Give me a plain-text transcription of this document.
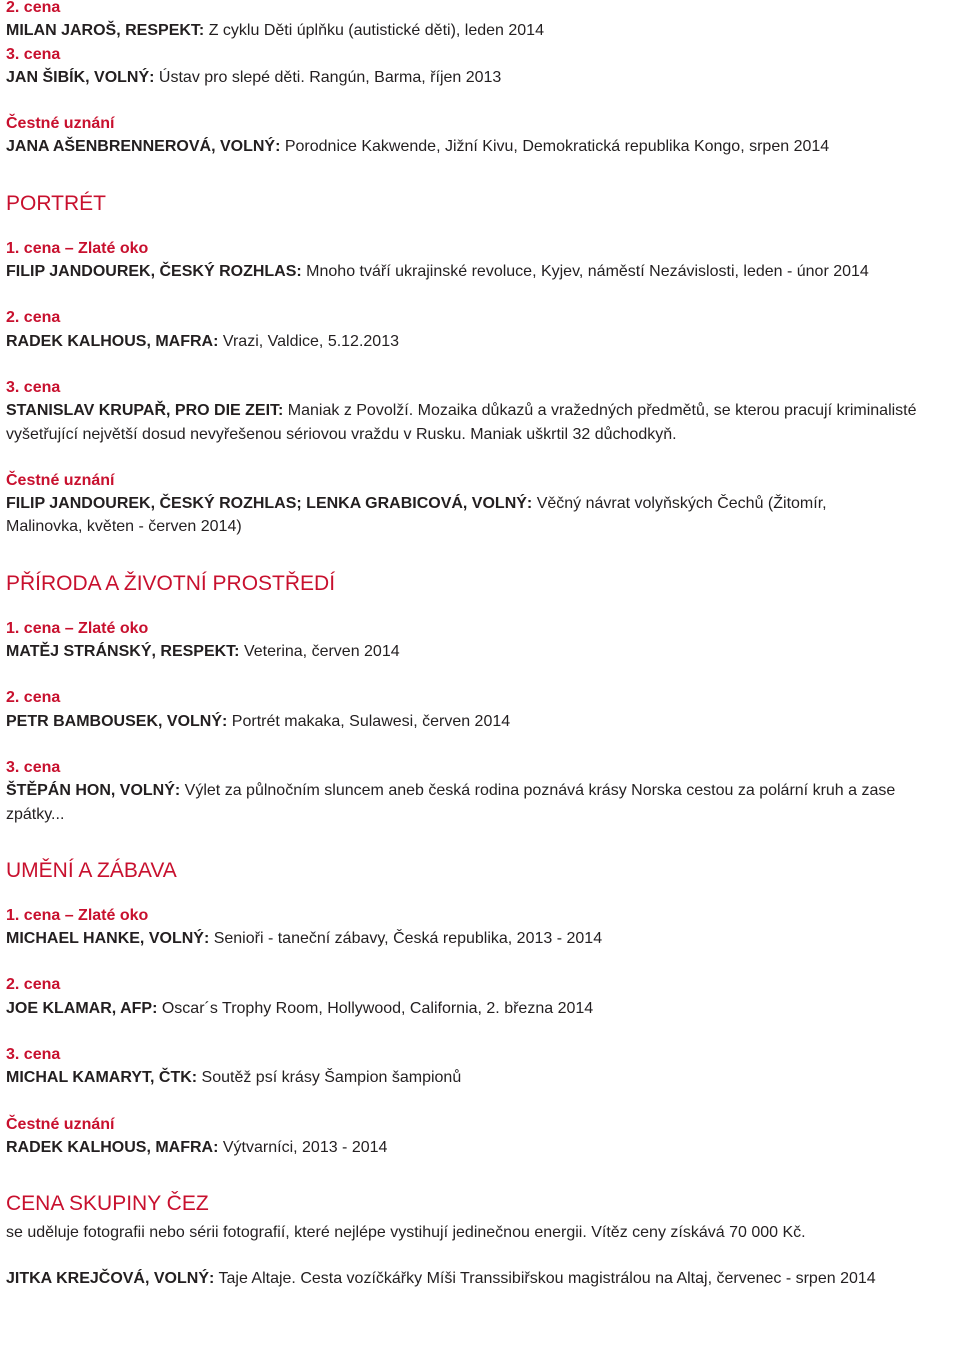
2. cena
MILAN JAROŠ, RESPEKT: Z cyklu Děti úplňku (autistické děti), leden 2014
3. cena
JAN ŠIBÍK, VOLNÝ: Ústav pro slepé děti. Rangún, Barma, říjen 2013
Čestné uznání
JANA AŠENBRENNEROVÁ, VOLNÝ: Porodnice Kakwende, Jižní Kivu, Demokratická republika Kongo, srpen 2014
PORTRÉT
1. cena – Zlaté oko
FILIP JANDOUREK, ČESKÝ ROZHLAS: Mnoho tváří ukrajinské revoluce, Kyjev, náměstí Nezávislosti, leden - únor 2014
2. cena
RADEK KALHOUS, MAFRA: Vrazi, Valdice, 5.12.2013
3. cena
STANISLAV KRUPAŘ, PRO DIE ZEIT: Maniak z Povolží. Mozaika důkazů a vražedných předmětů, se kterou pracují kriminalisté vyšetřující největší dosud nevyřešenou sériovou vraždu v Rusku. Maniak uškrtil 32 důchodkyň.
Čestné uznání
FILIP JANDOUREK, ČESKÝ ROZHLAS; LENKA GRABICOVÁ, VOLNÝ: Věčný návrat volyňských Čechů (Žitomír, Malinovka, květen - červen 2014)
PŘÍRODA A ŽIVOTNÍ PROSTŘEDÍ
1. cena – Zlaté oko
MATĚJ STRÁNSKÝ, RESPEKT: Veterina, červen 2014
2. cena
PETR BAMBOUSEK, VOLNÝ: Portrét makaka, Sulawesi, červen 2014
3. cena
ŠTĚPÁN HON, VOLNÝ: Výlet za půlnočním sluncem aneb česká rodina poznává krásy Norska cestou za polární kruh a zase zpátky...
UMĚNÍ A ZÁBAVA
1. cena – Zlaté oko
MICHAEL HANKE, VOLNÝ: Senioři - taneční zábavy, Česká republika, 2013 - 2014
2. cena
JOE KLAMAR, AFP: Oscar´s Trophy Room, Hollywood, California, 2. března 2014
3. cena
MICHAL KAMARYT, ČTK: Soutěž psí krásy Šampion šampionů
Čestné uznání
RADEK KALHOUS, MAFRA: Výtvarníci, 2013 - 2014
CENA SKUPINY ČEZ
se uděluje fotografii nebo sérii fotografií, které nejlépe vystihují jedinečnou energii. Vítěz ceny získává 70 000 Kč.
JITKA KREJČOVÁ, VOLNÝ: Taje Altaje. Cesta vozíčkářky Míši Transsibiřskou magistrálou na Altaj, červenec - srpen 2014
